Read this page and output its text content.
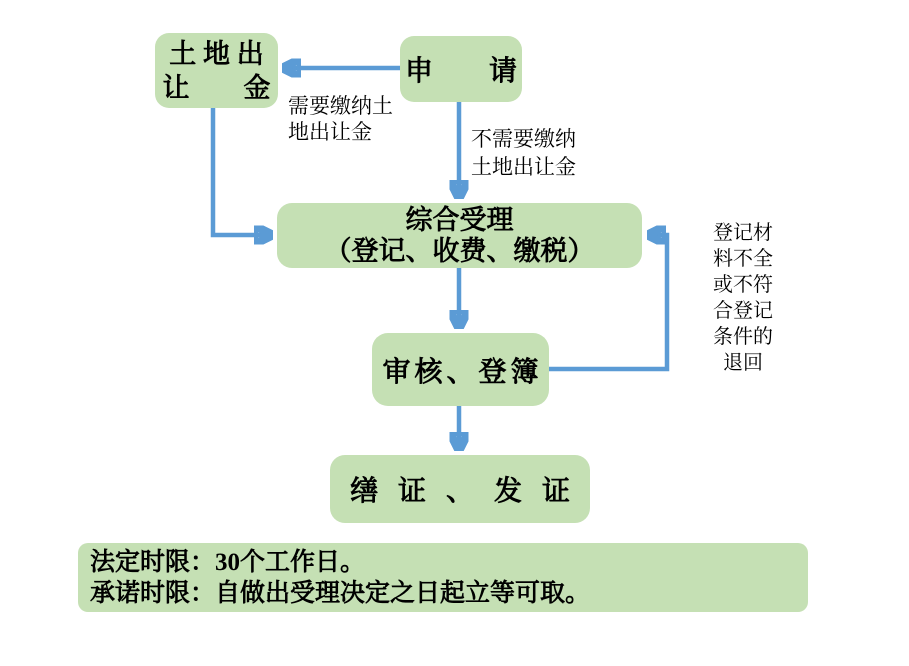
土 地 出
让　　金
申　　请
综合受理
（登记、收费、缴税）
审核、登簿
缮证、发证
需要缴纳土
地出让金	不需要缴纳
土地出让金
登记材
料不全
或不符
合登记
条件的
退回
法定时限：30个工作日。
承诺时限：自做出受理决定之日起立等可取。
